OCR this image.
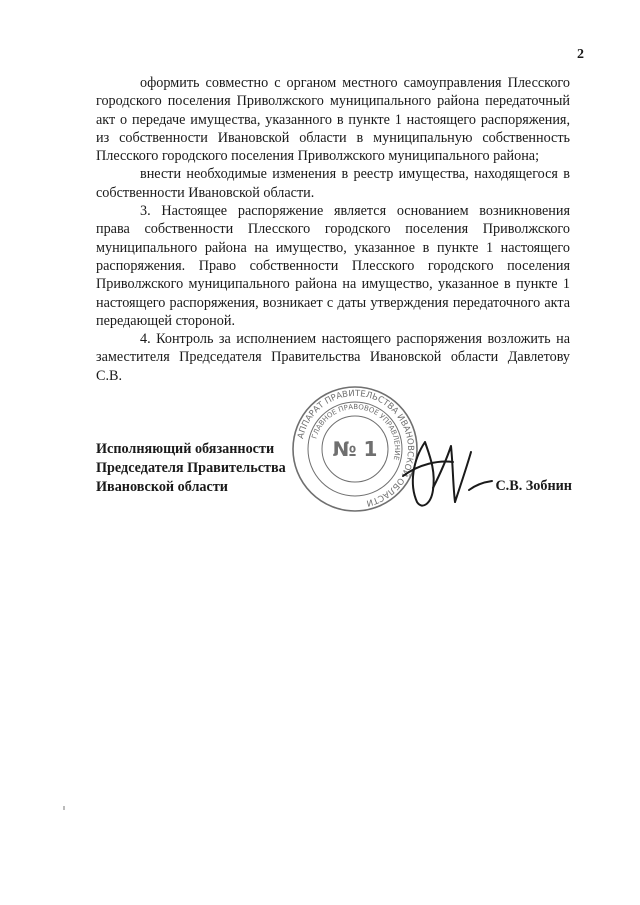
2

оформить совместно с органом местного самоуправления Плесского городского поселения Приволжского муниципального района передаточный акт о передаче имущества, указанного в пункте 1 настоящего распоряжения, из собственности Ивановской области в муниципальную собственность Плесского городского поселения Приволжского муниципального района;

внести необходимые изменения в реестр имущества, находящегося в собственности Ивановской области.

3. Настоящее распоряжение является основанием возникновения права собственности Плесского городского поселения Приволжского муниципального района на имущество, указанное в пункте 1 настоящего распоряжения. Право собственности Плесского городского поселения Приволжского муниципального района на имущество, указанное в пункте 1 настоящего распоряжения, возникает с даты утверждения передаточного акта передающей стороной.

4. Контроль за исполнением настоящего распоряжения возложить на заместителя Председателя Правительства Ивановской области Давлетову С.В.

Исполняющий обязанности
Председателя Правительства
Ивановской области
АППАРАТ ПРАВИТЕЛЬСТВА ИВАНОВСКОЙ ОБЛАСТИ
ГЛАВНОЕ ПРАВОВОЕ УПРАВЛЕНИЕ
№ 1
С.В. Зобнин
